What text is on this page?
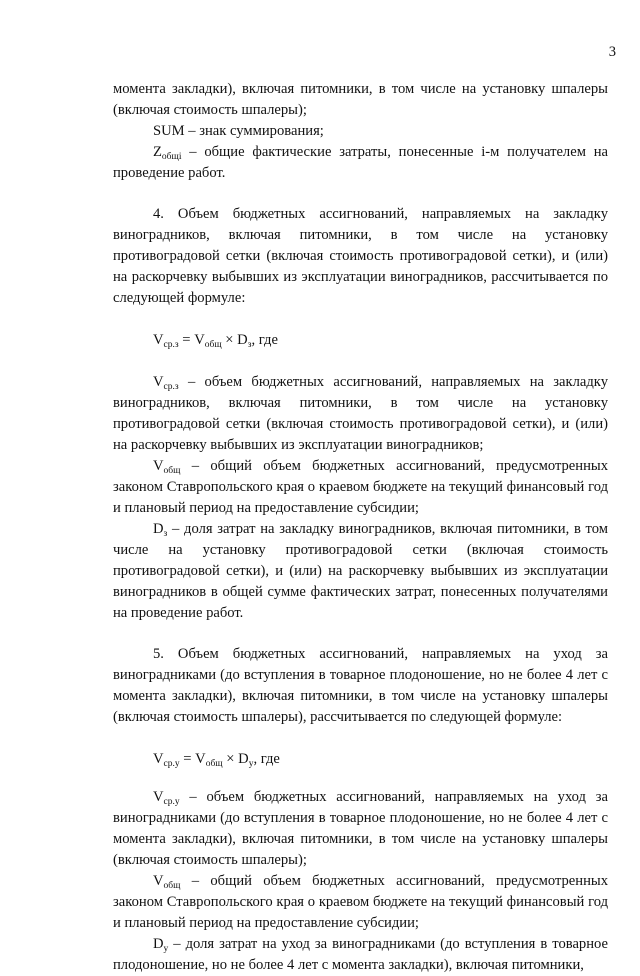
3

момента закладки), включая питомники, в том числе на установку шпалеры (включая стоимость шпалеры);

SUM – знак суммирования;

$Z_{общi}$ – общие фактические затраты, понесенные i-м получателем на проведение работ.

4. Объем бюджетных ассигнований, направляемых на закладку виноградников, включая питомники, в том числе на установку противоградовой сетки (включая стоимость противоградовой сетки), и (или) на раскорчевку выбывших из эксплуатации виноградников, рассчитывается по следующей формуле:

$V_{ср.з} = V_{общ} \times D_з$, где

$V_{ср.з}$ – объем бюджетных ассигнований, направляемых на закладку виноградников, включая питомники, в том числе на установку противоградовой сетки (включая стоимость противоградовой сетки), и (или) на раскорчевку выбывших из эксплуатации виноградников;

$V_{общ}$ – общий объем бюджетных ассигнований, предусмотренных законом Ставропольского края о краевом бюджете на текущий финансовый год и плановый период на предоставление субсидии;

$D_з$ – доля затрат на закладку виноградников, включая питомники, в том числе на установку противоградовой сетки (включая стоимость противоградовой сетки), и (или) на раскорчевку выбывших из эксплуатации виноградников в общей сумме фактических затрат, понесенных получателями на проведение работ.

5. Объем бюджетных ассигнований, направляемых на уход за виноградниками (до вступления в товарное плодоношение, но не более 4 лет с момента закладки), включая питомники, в том числе на установку шпалеры (включая стоимость шпалеры), рассчитывается по следующей формуле:

$V_{ср.у} = V_{общ} \times D_у$, где

$V_{ср.у}$ – объем бюджетных ассигнований, направляемых на уход за виноградниками (до вступления в товарное плодоношение, но не более 4 лет с момента закладки), включая питомники, в том числе на установку шпалеры (включая стоимость шпалеры);

$V_{общ}$ – общий объем бюджетных ассигнований, предусмотренных законом Ставропольского края о краевом бюджете на текущий финансовый год и плановый период на предоставление субсидии;

$D_у$ – доля затрат на уход за виноградниками (до вступления в товарное плодоношение, но не более 4 лет с момента закладки), включая питомники,
